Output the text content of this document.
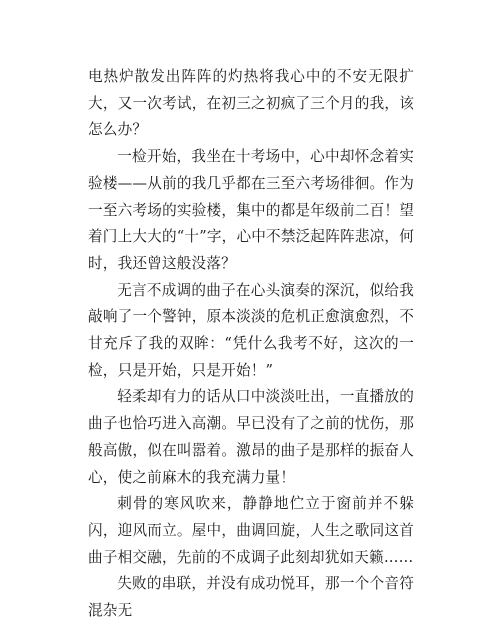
电热炉散发出阵阵的灼热将我心中的不安无限扩大，又一次考试，在初三之初疯了三个月的我，该怎么办？

一检开始，我坐在十考场中，心中却怀念着实验楼——从前的我几乎都在三至六考场徘徊。作为一至六考场的实验楼，集中的都是年级前二百！望着门上大大的“十”字，心中不禁泛起阵阵悲凉，何时，我还曾这般没落？

无言不成调的曲子在心头演奏的深沉，似给我敲响了一个警钟，原本淡淡的危机正愈演愈烈，不甘充斥了我的双眸：“凭什么我考不好，这次的一检，只是开始，只是开始！”

轻柔却有力的话从口中淡淡吐出，一直播放的曲子也恰巧进入高潮。早已没有了之前的忧伤，那般高傲，似在叫嚣着。激昂的曲子是那样的振奋人心，使之前麻木的我充满力量！

刺骨的寒风吹来，静静地伫立于窗前并不躲闪，迎风而立。屋中，曲调回旋，人生之歌同这首曲子相交融，先前的不成调子此刻却犹如天籁……

失败的串联，并没有成功悦耳，那一个个音符混杂无
